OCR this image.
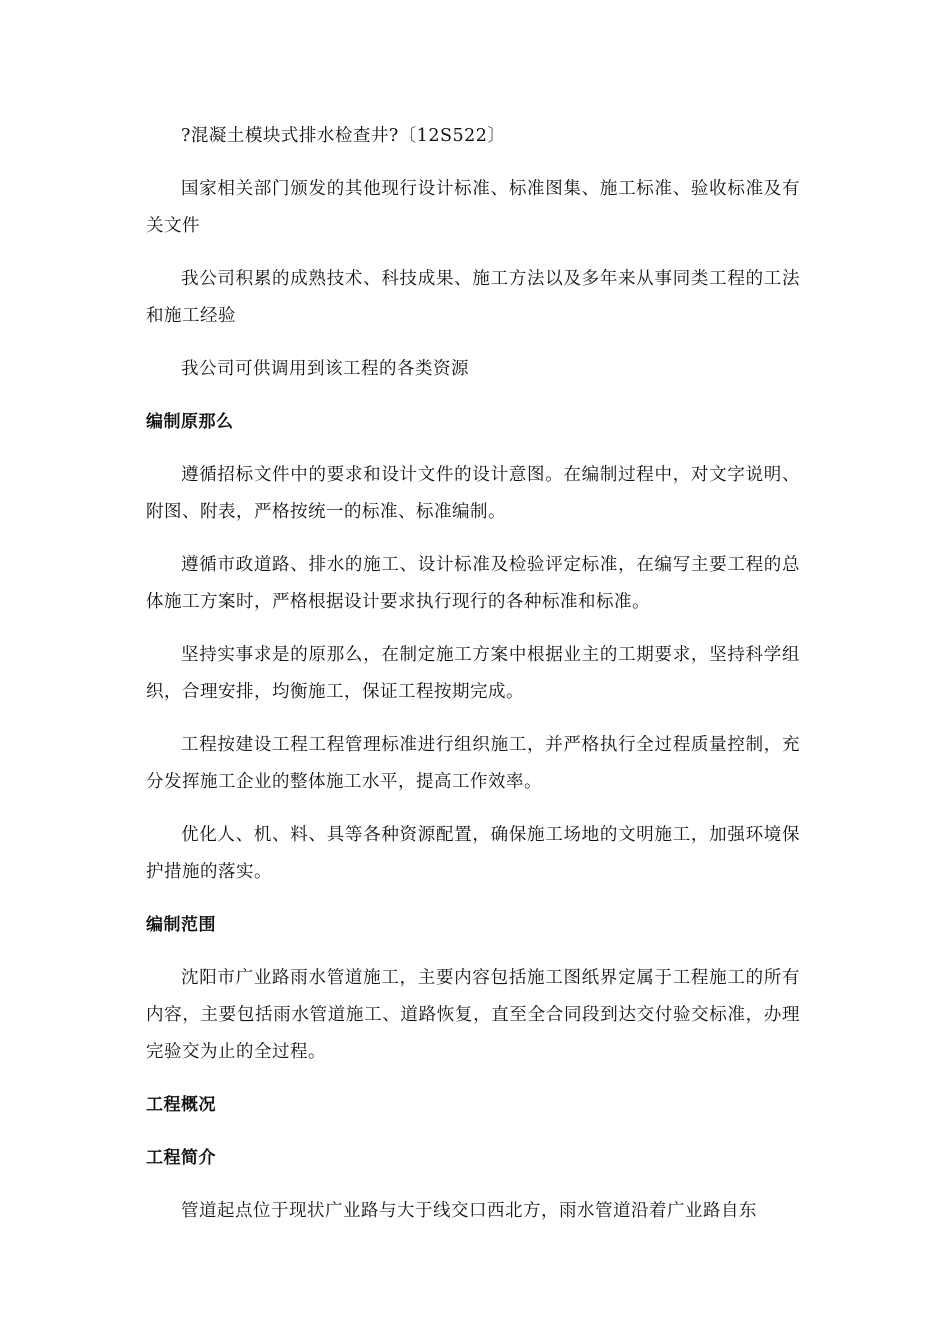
?混凝土模块式排水检查井?〔12S522〕

国家相关部门颁发的其他现行设计标准、标准图集、施工标准、验收标准及有关文件

我公司积累的成熟技术、科技成果、施工方法以及多年来从事同类工程的工法和施工经验

我公司可供调用到该工程的各类资源

编制原那么

遵循招标文件中的要求和设计文件的设计意图。在编制过程中，对文字说明、附图、附表，严格按统一的标准、标准编制。

遵循市政道路、排水的施工、设计标准及检验评定标准，在编写主要工程的总体施工方案时，严格根据设计要求执行现行的各种标准和标准。

坚持实事求是的原那么，在制定施工方案中根据业主的工期要求，坚持科学组织，合理安排，均衡施工，保证工程按期完成。

工程按建设工程工程管理标准进行组织施工，并严格执行全过程质量控制，充分发挥施工企业的整体施工水平，提高工作效率。

优化人、机、料、具等各种资源配置，确保施工场地的文明施工，加强环境保护措施的落实。

编制范围

沈阳市广业路雨水管道施工，主要内容包括施工图纸界定属于工程施工的所有内容，主要包括雨水管道施工、道路恢复，直至全合同段到达交付验交标准，办理完验交为止的全过程。

工程概况
工程简介

管道起点位于现状广业路与大于线交口西北方，雨水管道沿着广业路自东
